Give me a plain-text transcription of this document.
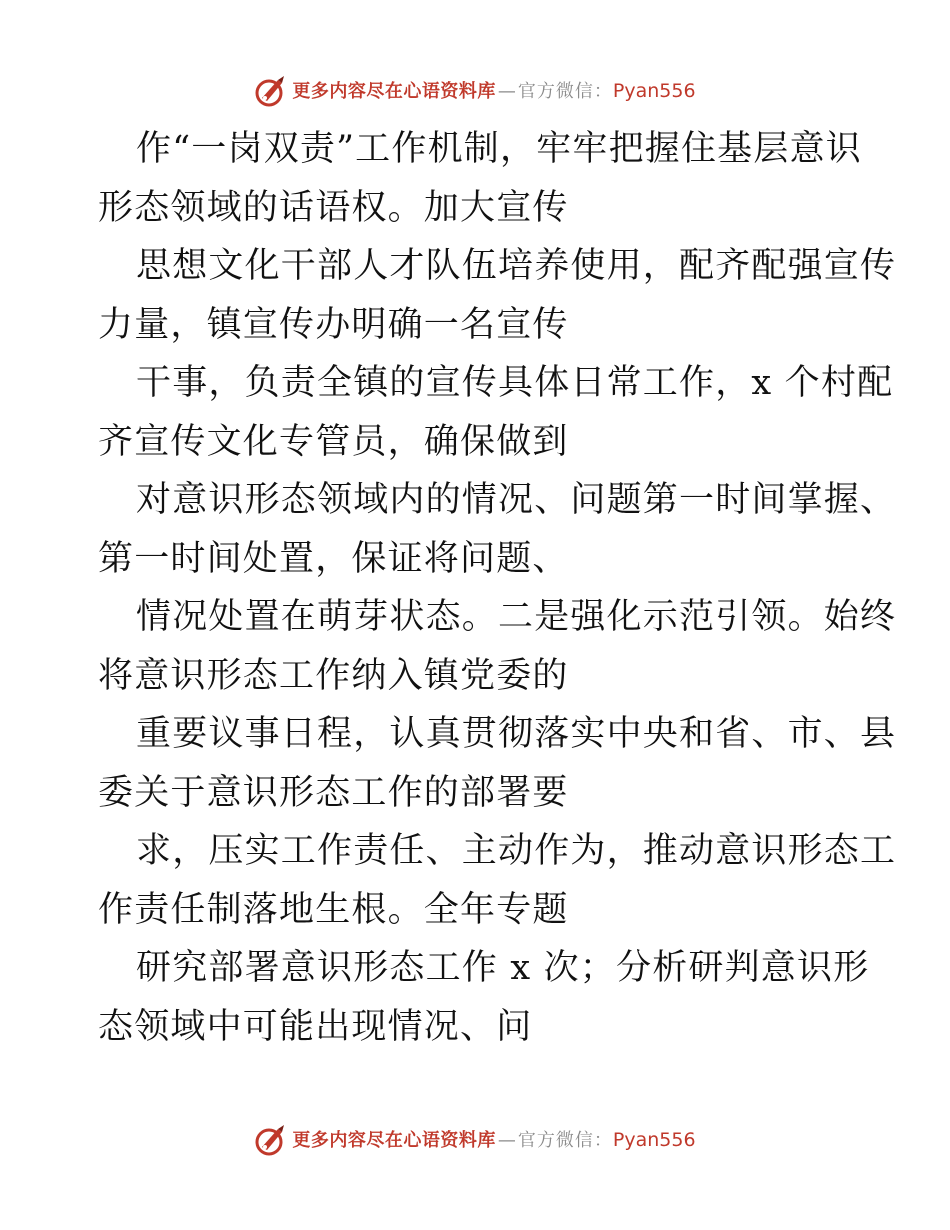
更多内容尽在心语资料库 — 官方微信： Pyan556
作“一岗双责”工作机制，牢牢把握住基层意识
形态领域的话语权。加大宣传
思想文化干部人才队伍培养使用，配齐配强宣传
力量，镇宣传办明确一名宣传
干事，负责全镇的宣传具体日常工作，x 个村配
齐宣传文化专管员，确保做到
对意识形态领域内的情况、问题第一时间掌握、
第一时间处置，保证将问题、
情况处置在萌芽状态。二是强化示范引领。始终
将意识形态工作纳入镇党委的
重要议事日程，认真贯彻落实中央和省、市、县
委关于意识形态工作的部署要
求，压实工作责任、主动作为，推动意识形态工
作责任制落地生根。全年专题
研究部署意识形态工作 x 次；分析研判意识形
态领域中可能出现情况、问
更多内容尽在心语资料库 — 官方微信： Pyan556
